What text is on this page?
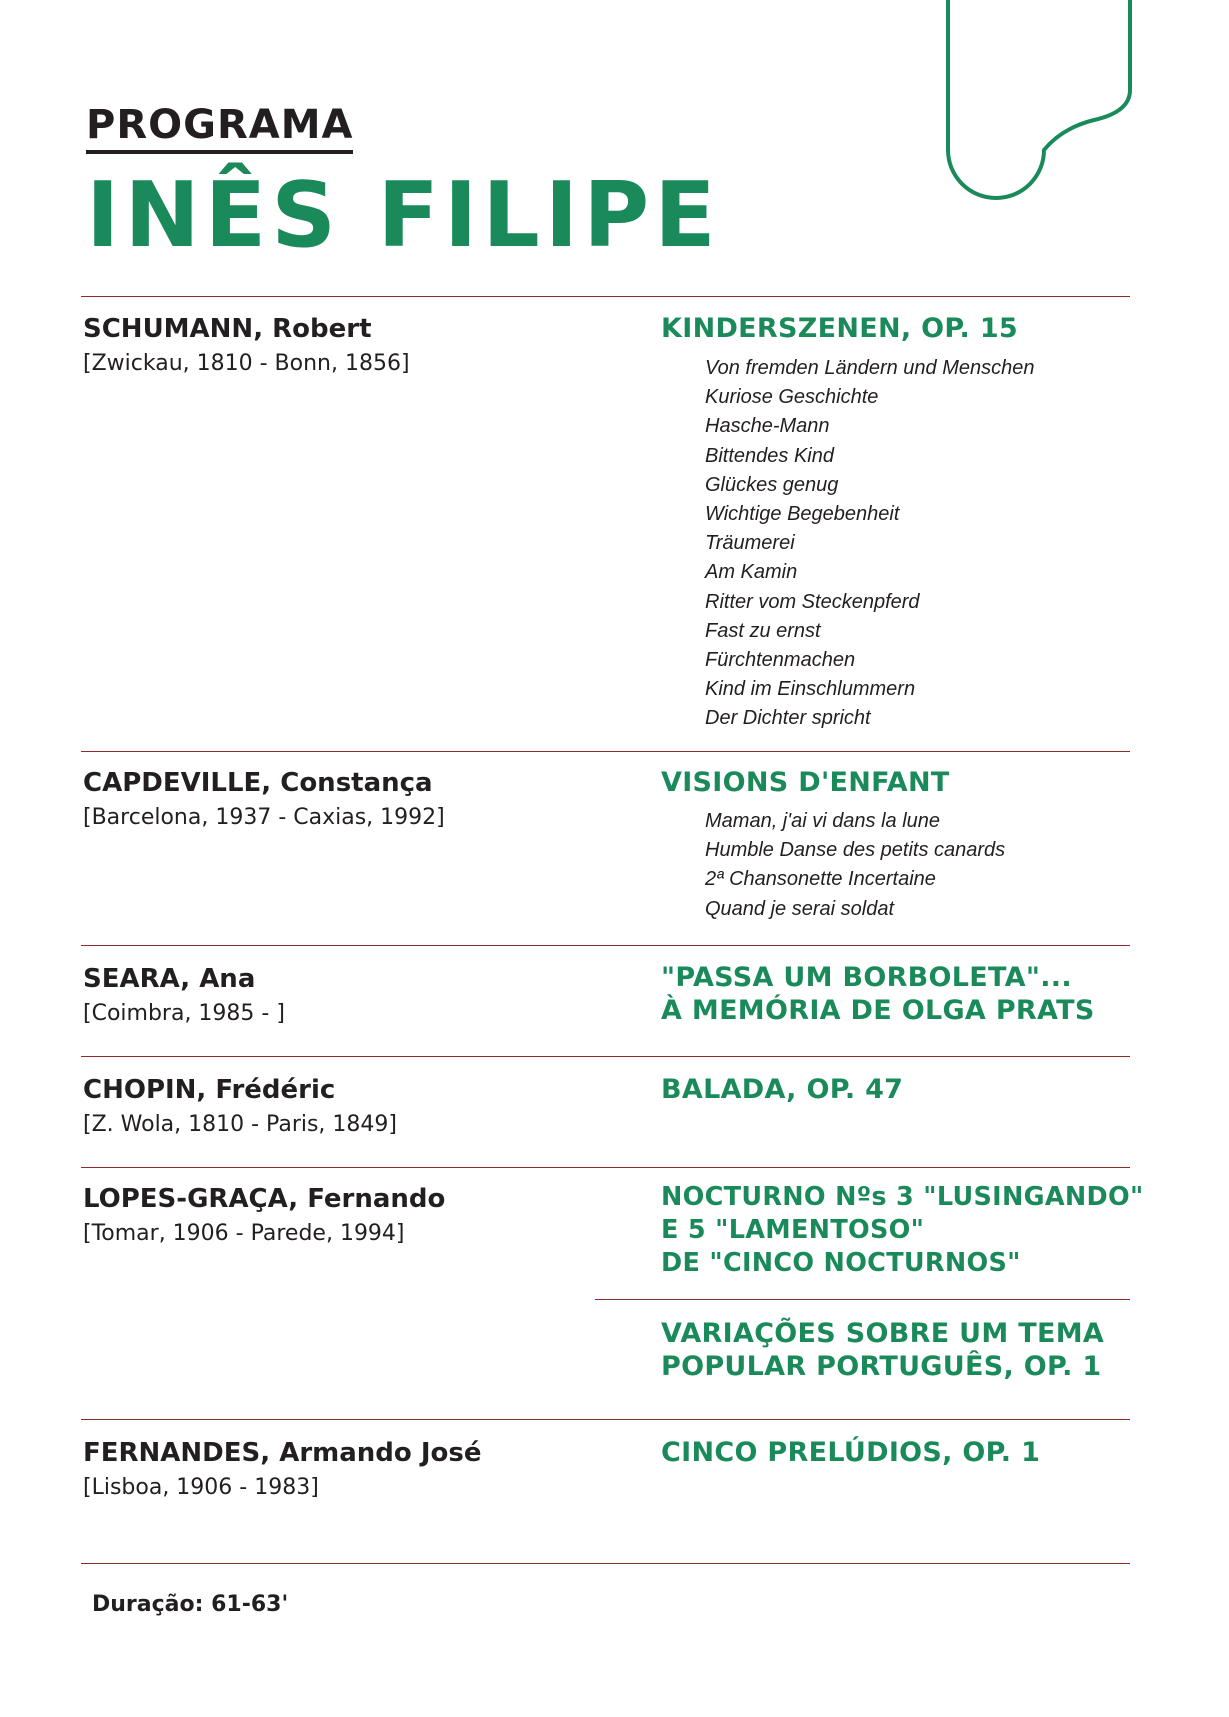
PROGRAMA
INÊS FILIPE
SCHUMANN, Robert
[Zwickau, 1810 - Bonn, 1856]
KINDERSZENEN, OP. 15
Von fremden Ländern und Menschen
Kuriose Geschichte
Hasche-Mann
Bittendes Kind
Glückes genug
Wichtige Begebenheit
Träumerei
Am Kamin
Ritter vom Steckenpferd
Fast zu ernst
Fürchtenmachen
Kind im Einschlummern
Der Dichter spricht
CAPDEVILLE, Constança
[Barcelona, 1937 - Caxias, 1992]
VISIONS D'ENFANT
Maman, j'ai vi dans la lune
Humble Danse des petits canards
2ª Chansonette Incertaine
Quand je serai soldat
SEARA, Ana
[Coimbra, 1985 - ]
"PASSA UM BORBOLETA"...
À MEMÓRIA DE OLGA PRATS
CHOPIN, Frédéric
[Z. Wola, 1810 - Paris, 1849]
BALADA, OP. 47
LOPES-GRAÇA, Fernando
[Tomar, 1906 - Parede, 1994]
NOCTURNO Nºs 3 "LUSINGANDO"
E 5 "LAMENTOSO"
DE "CINCO NOCTURNOS"
VARIAÇÕES SOBRE UM TEMA
POPULAR PORTUGUÊS, OP. 1
FERNANDES, Armando José
[Lisboa, 1906 - 1983]
CINCO PRELÚDIOS, OP. 1
Duração: 61-63'
